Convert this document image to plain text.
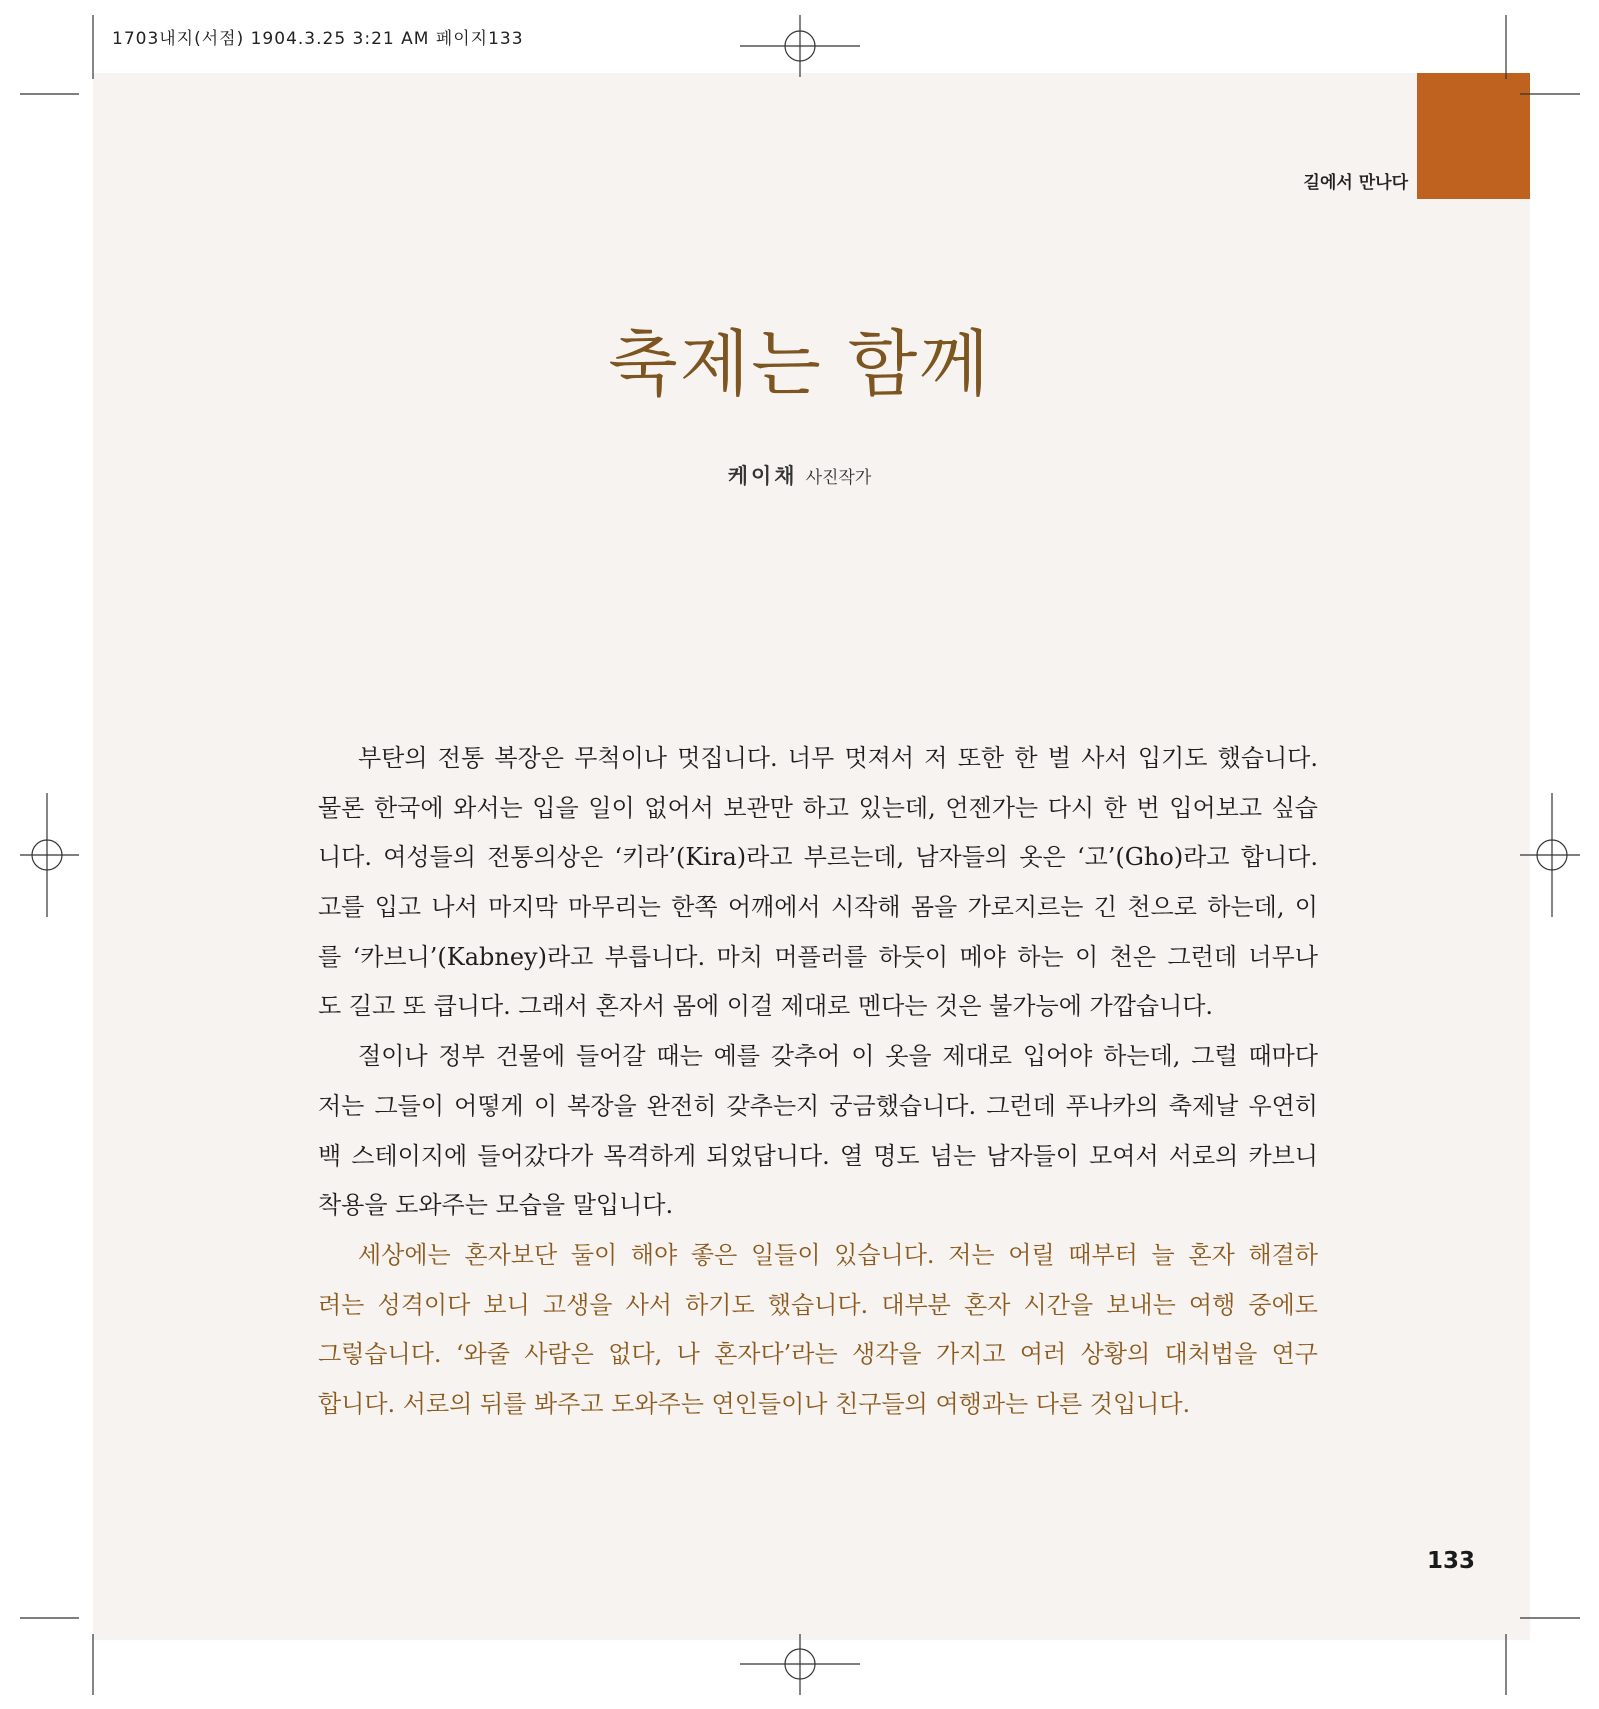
1703내지(서점) 1904.3.25 3:21 AM 페이지133
길에서 만나다
축제는 함께
케이채 사진작가
부탄의 전통 복장은 무척이나 멋집니다. 너무 멋져서 저 또한 한 벌 사서 입기도 했습니다.
물론 한국에 와서는 입을 일이 없어서 보관만 하고 있는데, 언젠가는 다시 한 번 입어보고 싶습
니다. 여성들의 전통의상은 ‘키라’(Kira)라고 부르는데, 남자들의 옷은 ‘고’(Gho)라고 합니다.
고를 입고 나서 마지막 마무리는 한쪽 어깨에서 시작해 몸을 가로지르는 긴 천으로 하는데, 이
를 ‘카브니’(Kabney)라고 부릅니다. 마치 머플러를 하듯이 메야 하는 이 천은 그런데 너무나
도 길고 또 큽니다. 그래서 혼자서 몸에 이걸 제대로 멘다는 것은 불가능에 가깝습니다.
절이나 정부 건물에 들어갈 때는 예를 갖추어 이 옷을 제대로 입어야 하는데, 그럴 때마다
저는 그들이 어떻게 이 복장을 완전히 갖추는지 궁금했습니다. 그런데 푸나카의 축제날 우연히
백 스테이지에 들어갔다가 목격하게 되었답니다. 열 명도 넘는 남자들이 모여서 서로의 카브니
착용을 도와주는 모습을 말입니다.
세상에는 혼자보단 둘이 해야 좋은 일들이 있습니다. 저는 어릴 때부터 늘 혼자 해결하
려는 성격이다 보니 고생을 사서 하기도 했습니다. 대부분 혼자 시간을 보내는 여행 중에도
그렇습니다. ‘와줄 사람은 없다, 나 혼자다’라는 생각을 가지고 여러 상황의 대처법을 연구
합니다. 서로의 뒤를 봐주고 도와주는 연인들이나 친구들의 여행과는 다른 것입니다.
133
